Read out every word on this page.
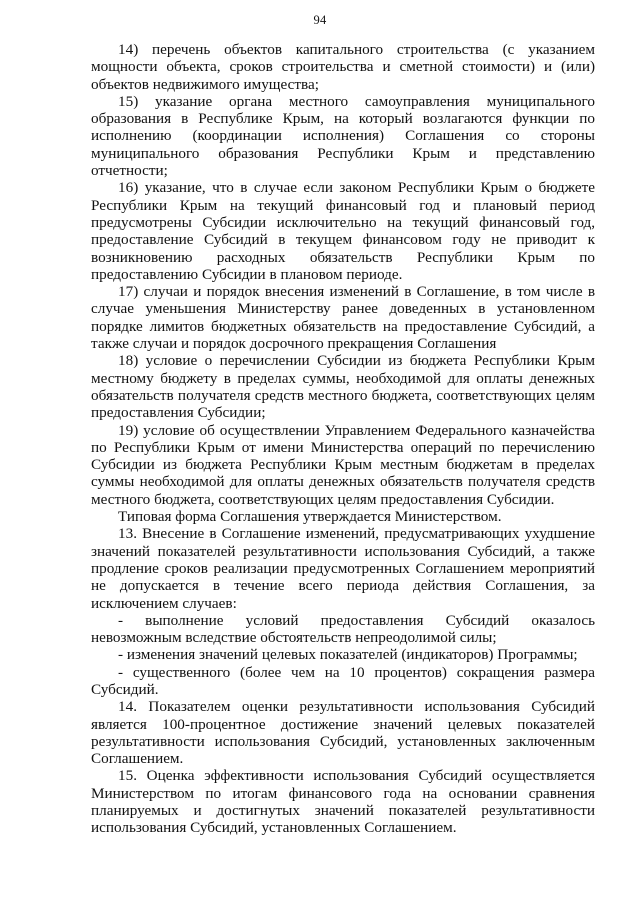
94

14) перечень объектов капитального строительства (с указанием мощности объекта, сроков строительства и сметной стоимости) и (или) объектов недвижимого имущества;

15) указание органа местного самоуправления муниципального образования в Республике Крым, на который возлагаются функции по исполнению (координации исполнения) Соглашения со стороны муниципального образования Республики Крым и представлению отчетности;

16) указание, что в случае если законом Республики Крым о бюджете Республики Крым на текущий финансовый год и плановый период предусмотрены Субсидии исключительно на текущий финансовый год, предоставление Субсидий в текущем финансовом году не приводит к возникновению расходных обязательств Республики Крым по предоставлению Субсидии в плановом периоде.

17) случаи и порядок внесения изменений в Соглашение, в том числе в случае уменьшения Министерству ранее доведенных в установленном порядке лимитов бюджетных обязательств на предоставление Субсидий, а также случаи и порядок досрочного прекращения Соглашения

18) условие о перечислении Субсидии из бюджета Республики Крым местному бюджету в пределах суммы, необходимой для оплаты денежных обязательств получателя средств местного бюджета, соответствующих целям предоставления Субсидии;

19) условие об осуществлении Управлением Федерального казначейства по Республики Крым от имени Министерства операций по перечислению Субсидии из бюджета Республики Крым местным бюджетам в пределах суммы необходимой для оплаты денежных обязательств получателя средств местного бюджета, соответствующих целям предоставления Субсидии.

Типовая форма Соглашения утверждается Министерством.

13. Внесение в Соглашение изменений, предусматривающих ухудшение значений показателей результативности использования Субсидий, а также продление сроков реализации предусмотренных Соглашением мероприятий не допускается в течение всего периода действия Соглашения, за исключением случаев:

- выполнение условий предоставления Субсидий оказалось невозможным вследствие обстоятельств непреодолимой силы;

- изменения значений целевых показателей (индикаторов) Программы;

- существенного (более чем на 10 процентов) сокращения размера Субсидий.

14. Показателем оценки результативности использования Субсидий является 100-процентное достижение значений целевых показателей результативности использования Субсидий, установленных заключенным Соглашением.

15. Оценка эффективности использования Субсидий осуществляется Министерством по итогам финансового года на основании сравнения планируемых и достигнутых значений показателей результативности использования Субсидий, установленных Соглашением.
